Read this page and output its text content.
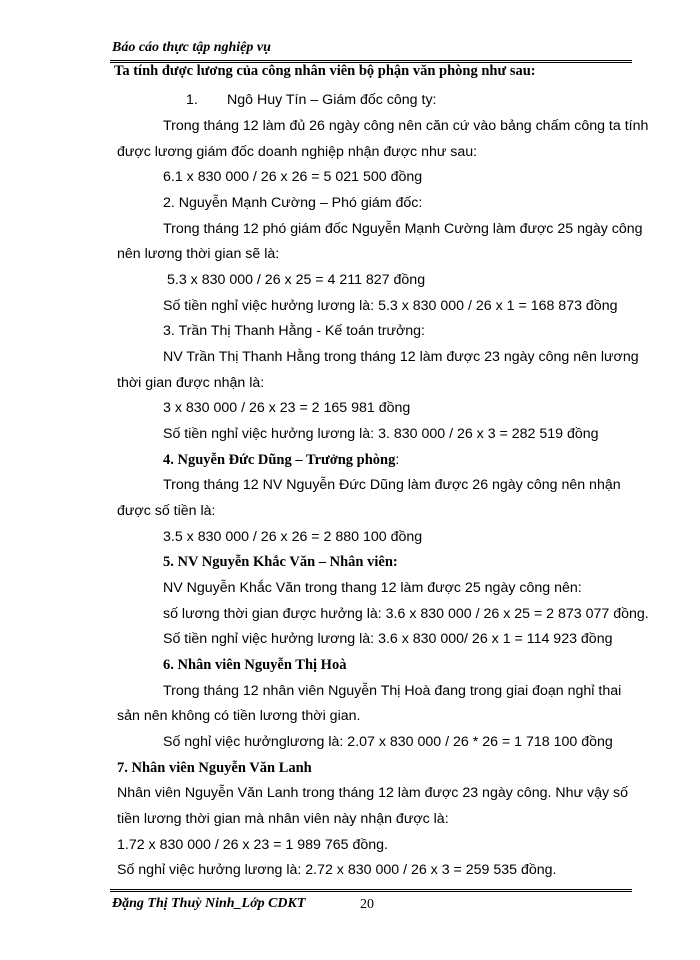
Báo cáo thực tập nghiệp vụ
Ta tính được lương của công nhân viên bộ phận văn phòng như sau:
1. Ngô Huy Tín – Giám đốc công ty:
Trong tháng 12 làm đủ 26 ngày công nên căn cứ vào bảng chấm công ta tính
được lương giám đốc doanh nghiệp nhận được như sau:
6.1 x 830 000 / 26 x 26 = 5 021 500 đồng
2. Nguyễn Mạnh Cường – Phó giám đốc:
Trong tháng 12 phó giám đốc Nguyễn Mạnh Cường làm được 25 ngày công
nên lương thời gian sẽ là:
5.3 x 830 000 / 26 x 25 = 4 211 827 đồng
Số tiền nghỉ việc hưởng lương là: 5.3 x 830 000 / 26 x 1 = 168 873 đồng
3. Trần Thị Thanh Hằng - Kế toán trưởng:
NV Trần Thị Thanh Hằng trong tháng 12 làm được 23 ngày công nên lương
thời gian được nhận là:
3 x 830 000 / 26 x 23 = 2 165 981 đồng
Số tiền nghỉ việc hưởng lương là: 3. 830 000 / 26 x 3 = 282 519 đồng
4. Nguyễn Đức Dũng – Trưởng phòng:
Trong tháng 12 NV Nguyễn Đức Dũng làm được 26 ngày công nên nhận
được số tiền là:
3.5 x 830 000 / 26 x 26 = 2 880 100 đồng
5. NV Nguyễn Khắc Văn – Nhân viên:
NV Nguyễn Khắc Văn trong thang 12 làm được 25 ngày công nên:
số lương thời gian được hưởng là: 3.6 x 830 000 / 26 x 25 = 2 873 077 đồng.
Số tiền nghỉ việc hưởng lương là: 3.6 x 830 000/ 26 x 1 = 114 923 đồng
6. Nhân viên Nguyễn Thị Hoà
Trong tháng 12 nhân viên Nguyễn Thị Hoà đang trong giai đoạn nghỉ thai
sản nên không có tiền lương thời gian.
Số nghỉ việc hưởnglương là: 2.07 x 830 000 / 26 * 26 = 1 718 100 đồng
7. Nhân viên Nguyễn Văn Lanh
Nhân viên Nguyễn Văn Lanh trong tháng 12 làm được 23 ngày công. Như vậy số
tiền lương thời gian mà nhân viên này nhận được là:
1.72 x 830 000 / 26 x 23 = 1 989 765 đồng.
Số nghỉ việc hưởng lương là: 2.72 x 830 000 / 26 x 3 = 259 535 đồng.
Đặng Thị Thuỳ Ninh_Lớp CDKT	20
